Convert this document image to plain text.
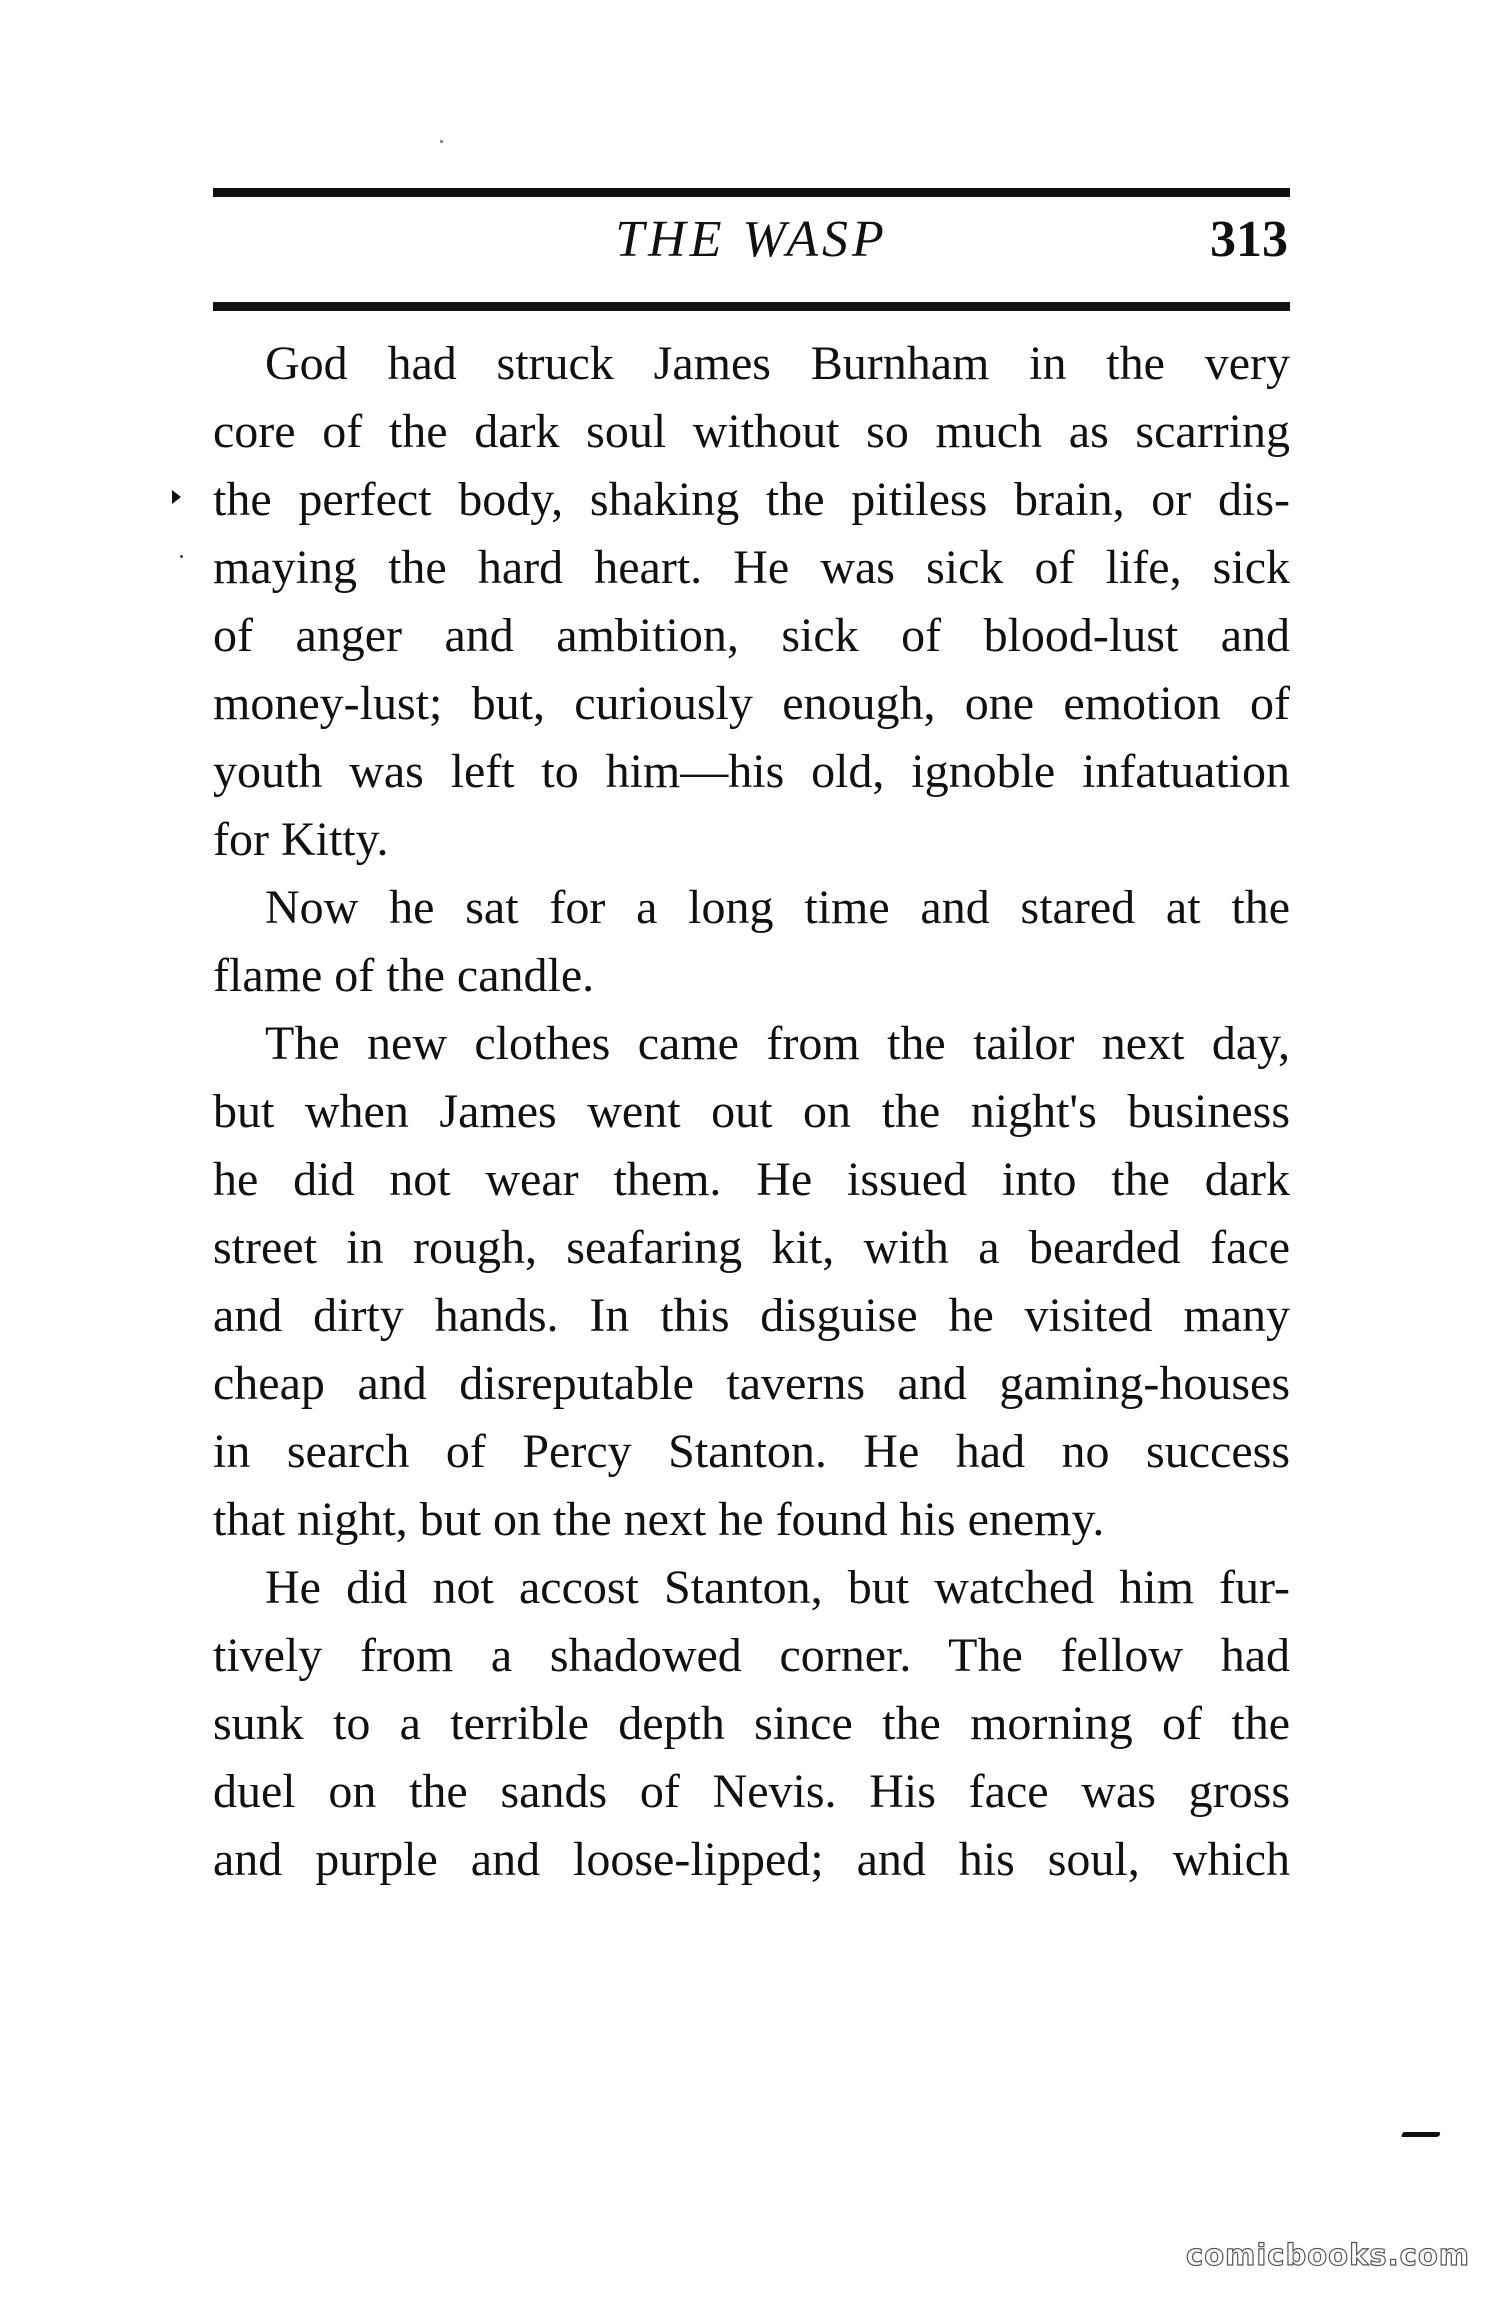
THE WASP	313

God had struck James Burnham in the very
core of the dark soul without so much as scarring
the perfect body, shaking the pitiless brain, or dis-
maying the hard heart. He was sick of life, sick
of anger and ambition, sick of blood-lust and
money-lust; but, curiously enough, one emotion of
youth was left to him—his old, ignoble infatuation
for Kitty.

Now he sat for a long time and stared at the
flame of the candle.

The new clothes came from the tailor next day,
but when James went out on the night's business
he did not wear them. He issued into the dark
street in rough, seafaring kit, with a bearded face
and dirty hands. In this disguise he visited many
cheap and disreputable taverns and gaming-houses
in search of Percy Stanton. He had no success
that night, but on the next he found his enemy.

He did not accost Stanton, but watched him fur-
tively from a shadowed corner. The fellow had
sunk to a terrible depth since the morning of the
duel on the sands of Nevis. His face was gross
and purple and loose-lipped; and his soul, which

comicbooks.com
